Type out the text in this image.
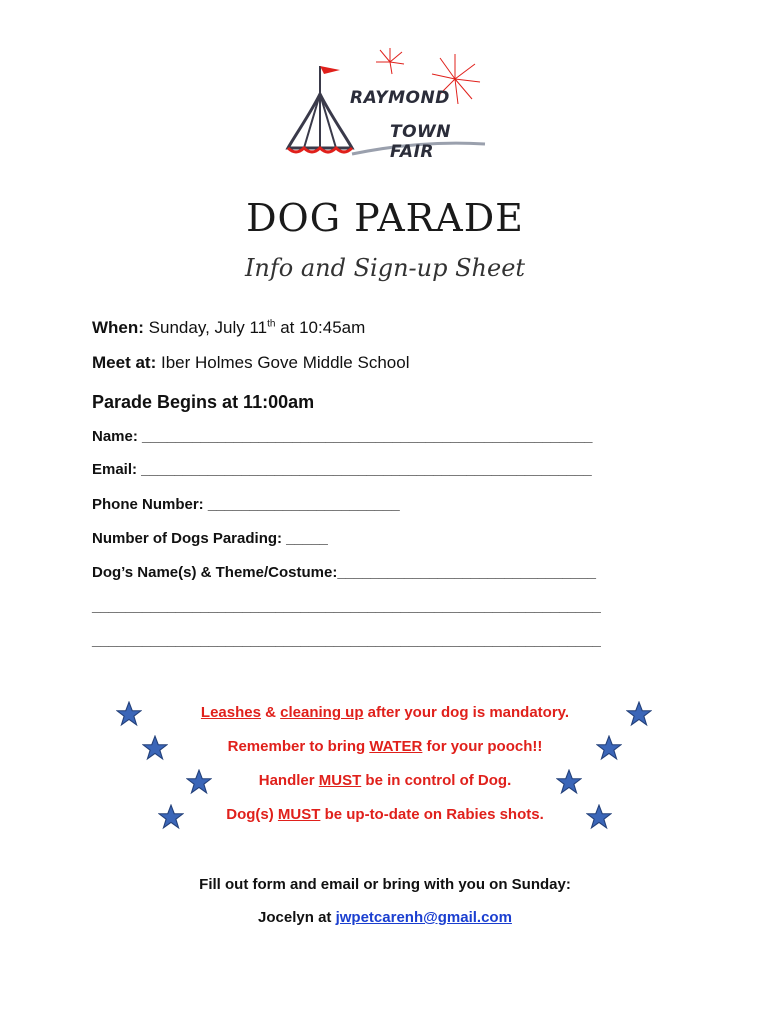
RAYMOND
TOWN FAIR
DOG PARADE
Info and Sign-up Sheet
When: Sunday, July 11th at 10:45am
Meet at: Iber Holmes Gove Middle School
Parade Begins at 11:00am
Name: ______________________________________________________
Email: ______________________________________________________
Phone Number: _______________________
Number of Dogs Parading: _____
Dog’s Name(s) & Theme/Costume:_______________________________
_____________________________________________________________
_____________________________________________________________
Leashes & cleaning up after your dog is mandatory.
Remember to bring WATER for your pooch!!
Handler MUST be in control of Dog.
Dog(s) MUST be up-to-date on Rabies shots.
Fill out form and email or bring with you on Sunday:
Jocelyn at jwpetcarenh@gmail.com
